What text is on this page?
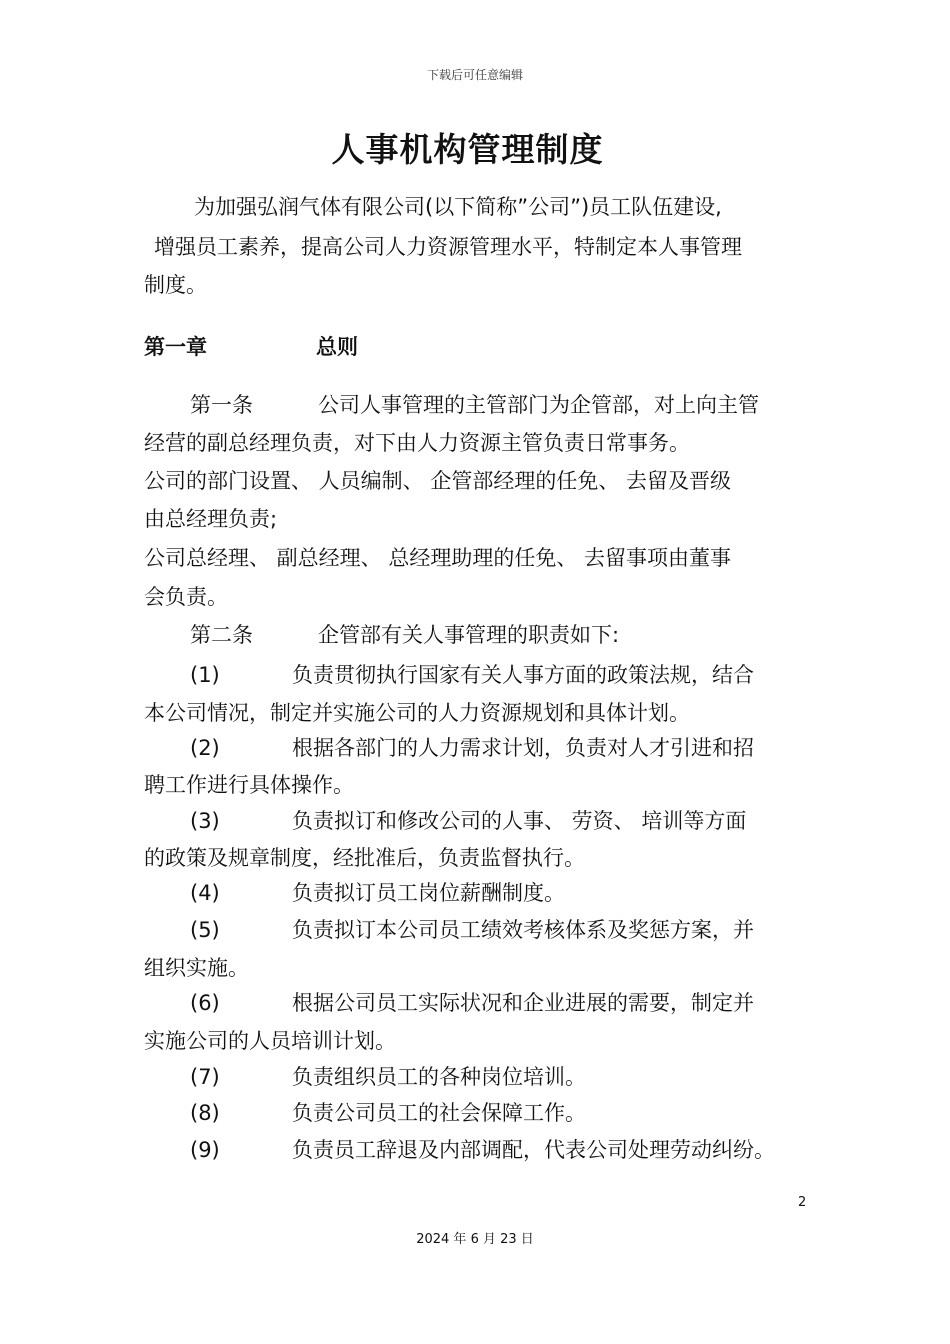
下载后可任意编辑
人事机构管理制度
为加强弘润气体有限公司(以下简称”公司”)员工队伍建设,
增强员工素养，提高公司人力资源管理水平，特制定本人事管理
制度。
第一章	总则
第一条	公司人事管理的主管部门为企管部，对上向主管
经营的副总经理负责，对下由人力资源主管负责日常事务。
公司的部门设置、 人员编制、 企管部经理的任免、 去留及晋级
由总经理负责;
公司总经理、 副总经理、 总经理助理的任免、 去留事项由董事
会负责。
第二条	企管部有关人事管理的职责如下:
(1)	负责贯彻执行国家有关人事方面的政策法规，结合
本公司情况，制定并实施公司的人力资源规划和具体计划。
(2)	根据各部门的人力需求计划，负责对人才引进和招
聘工作进行具体操作。
(3)	负责拟订和修改公司的人事、 劳资、 培训等方面
的政策及规章制度，经批准后，负责监督执行。
(4)	负责拟订员工岗位薪酬制度。
(5)	负责拟订本公司员工绩效考核体系及奖惩方案，并
组织实施。
(6)	根据公司员工实际状况和企业进展的需要，制定并
实施公司的人员培训计划。
(7)	负责组织员工的各种岗位培训。
(8)	负责公司员工的社会保障工作。
(9)	负责员工辞退及内部调配，代表公司处理劳动纠纷。
2
2024 年 6 月 23 日
